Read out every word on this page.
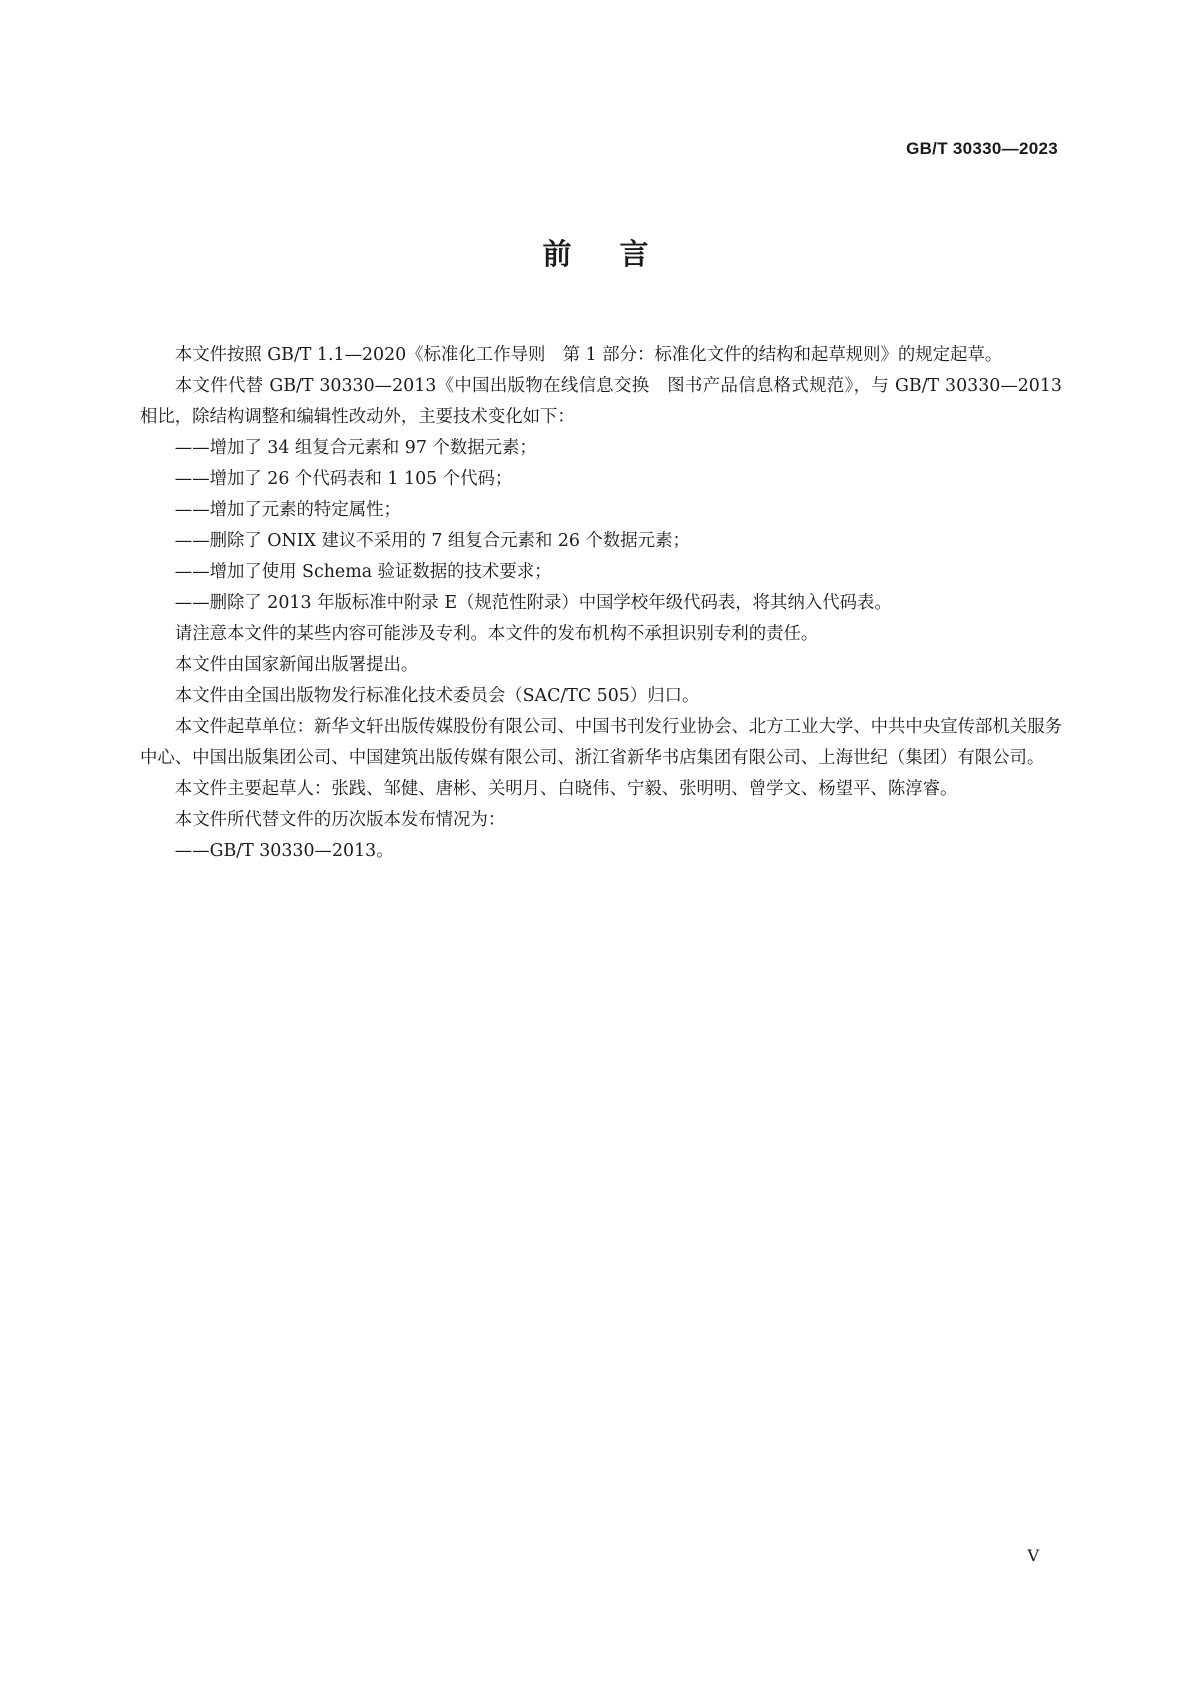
GB/T 30330—2023
前言

本文件按照 GB/T 1.1—2020《标准化工作导则　第 1 部分：标准化文件的结构和起草规则》的规定起草。

本文件代替 GB/T 30330—2013《中国出版物在线信息交换　图书产品信息格式规范》，与 GB/T 30330—2013 相比，除结构调整和编辑性改动外，主要技术变化如下：

——增加了 34 组复合元素和 97 个数据元素；

——增加了 26 个代码表和 1 105 个代码；

——增加了元素的特定属性；

——删除了 ONIX 建议不采用的 7 组复合元素和 26 个数据元素；

——增加了使用 Schema 验证数据的技术要求；

——删除了 2013 年版标准中附录 E（规范性附录）中国学校年级代码表，将其纳入代码表。

请注意本文件的某些内容可能涉及专利。本文件的发布机构不承担识别专利的责任。

本文件由国家新闻出版署提出。

本文件由全国出版物发行标准化技术委员会（SAC/TC 505）归口。

本文件起草单位：新华文轩出版传媒股份有限公司、中国书刊发行业协会、北方工业大学、中共中央宣传部机关服务中心、中国出版集团公司、中国建筑出版传媒有限公司、浙江省新华书店集团有限公司、上海世纪（集团）有限公司。

本文件主要起草人：张践、邹健、唐彬、关明月、白晓伟、宁毅、张明明、曾学文、杨望平、陈淳睿。

本文件所代替文件的历次版本发布情况为：

——GB/T 30330—2013。

V
